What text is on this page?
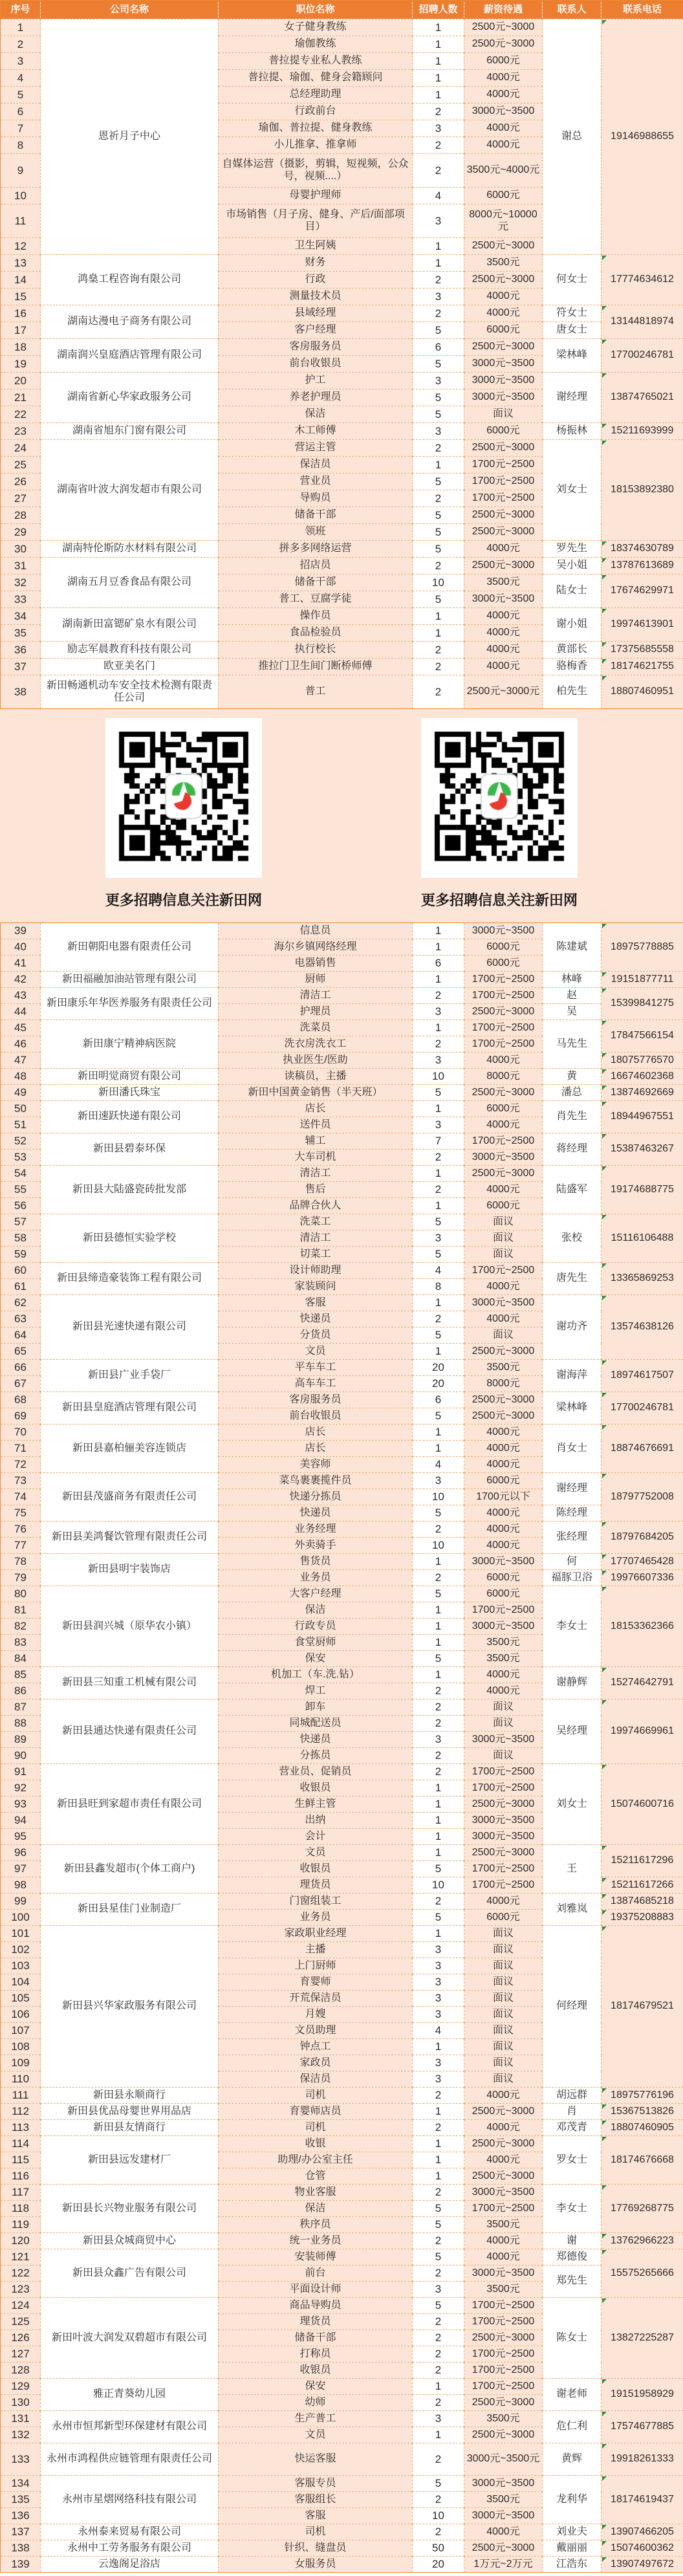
序号	公司名称	职位名称	招聘人数	薪资待遇	联系人	联系电话
1	恩祈月子中心	女子健身教练	1	2500元~3000	谢总	19146988655
2		瑜伽教练	1	2500元~3000		
3		普拉提专业私人教练	1	6000元		
4		普拉提、瑜伽、健身会籍顾问	1	4000元		
5		总经理助理	1	4000元		
6		行政前台	2	3000元~3500		
7		瑜伽、普拉提、健身教练	3	4000元		
8		小儿推拿、推拿师	2	4000元		
9		自媒体运营（摄影，剪辑，短视频，公众号，视频....）	2	3500元~4000元		
10		母婴护理师	4	6000元		
11		市场销售（月子房、健身、产后/面部项目）	3	8000元~10000元		
12		卫生阿姨	1	2500元~3000		
13	鸿燊工程咨询有限公司	财务	1	3500元	何女士	17774634612
14		行政	2	2500元~3000		
15		测量技术员	3	4000元		
16	湖南达漫电子商务有限公司	县域经理	2	4000元	符女士	13144818974
17		客户经理	5	6000元	唐女士	
18	湖南润兴皇庭酒店管理有限公司	客房服务员	6	2500元~3000	梁林峰	17700246781
19		前台收银员	5	3000元~3500		
20	湖南省新心华家政服务公司	护工	3	3000元~3500	谢经理	13874765021
21		养老护理员	5	3000元~3500		
22		保洁	5	面议		
23	湖南省旭东门窗有限公司	木工师傅	3	6000元	杨振林	15211693999
24	湖南省叶波大润发超市有限公司	营运主管	2	2500元~3000	刘女士	18153892380
25		保洁员	1	1700元~2500		
26		营业员	5	1700元~2500		
27		导购员	2	1700元~2500		
28		储备干部	5	2500元~3000		
29		领班	5	2500元~3000		
30	湖南特伦斯防水材料有限公司	拼多多网络运营	5	4000元	罗先生	18374630789
31	湖南五月豆香食品有限公司	招店员	2	2500元~3000	吴小姐	13787613689
32		储备干部	10	3500元	陆女士	17674629971
33		普工、豆腐学徒	5	3000元~3500		
34	湖南新田富锶矿泉水有限公司	操作员	1	4000元	谢小姐	19974613901
35		食品检验员	1	4000元		
36	励志军晨教育科技有限公司	执行校长	2	4000元	黄部长	17375685558
37	欧亚美名门	推拉门卫生间门断桥师傅	2	4000元	骆梅香	18174621755
38	新田畅通机动车安全技术检测有限责任公司	普工	2	2500元~3000元	柏先生	18807460951
更多招聘信息关注新田网	更多招聘信息关注新田网
39	新田朝阳电器有限责任公司	信息员	1	3000元~3500	陈建斌	18975778885
40		海尔乡镇网络经理	1	6000元		
41		电器销售	6	6000元		
42	新田福融加油站管理有限公司	厨师	1	1700元~2500	林峰	19151877711
43	新田康乐年华医养服务有限责任公司	清洁工	2	1700元~2500	赵	15399841275
44		护理员	3	2500元~3000	吴	
45	新田康宁精神病医院	洗菜员	1	1700元~2500	马先生	17847566154
46		洗衣房洗衣工	2	1700元~2500		
47		执业医生/医助	3	4000元		18075776570
48	新田明觉商贸有限公司	读稿员，主播	10	8000元	黄	16674602368
49	新田潘氏珠宝	新田中国黄金销售（半天班）	5	2500元~3000	潘总	13874692669
50	新田速跃快递有限公司	店长	1	6000元	肖先生	18944967551
51		送件员	3	4000元		
52	新田县碧泰环保	辅工	7	1700元~2500	蒋经理	15387463267
53		大车司机	2	3000元~3500		
54	新田县大陆盛瓷砖批发部	清洁工	1	2500元~3000	陆盛军	19174688775
55		售后	2	4000元		
56		品牌合伙人	1	6000元		
57	新田县德恒实验学校	洗菜工	5	面议	张校	15116106488
58		清洁工	3	面议		
59		切菜工	5	面议		
60	新田县缔造豪装饰工程有限公司	设计师助理	4	1700元~2500	唐先生	13365869253
61		家装顾问	8	4000元		
62	新田县光速快递有限公司	客服	1	3000元~3500	谢功齐	13574638126
63		快递员	2	4000元		
64		分货员	5	面议		
65		文员	1	2500元~3000		
66	新田县广业手袋厂	平车车工	20	3500元	谢海萍	18974617507
67		高车车工	20	8000元		
68	新田县皇庭酒店管理有限公司	客房服务员	6	2500元~3000	梁林峰	17700246781
69		前台收银员	5	2500元~3000		
70	新田县嘉柏俪美容连锁店	店长	1	4000元	肖女士	18874676691
71		店长	1	4000元		
72		美容师	4	4000元		
73	新田县茂盛商务有限责任公司	菜鸟裹裹揽件员	3	6000元	谢经理	18797752008
74		快递分拣员	10	1700元以下		
75		快递员	5	4000元	陈经理	
76	新田县美鸿餐饮管理有限责任公司	业务经理	2	4000元	张经理	18797684205
77		外卖骑手	10	4000元		
78	新田县明宇装饰店	售货员	1	3000元~3500	何	17707465428
79		业务员	2	6000元	福豚卫浴	19976607336
80	新田县润兴城（原华农小镇）	大客户经理	5	6000元	李女士	18153362366
81		保洁	1	1700元~2500		
82		行政专员	1	3000元~3500		
83		食堂厨师	1	3500元		
84		保安	5	3500元		
85	新田县三知重工机械有限公司	机加工（车.洗.钻）	1	4000元	谢静辉	15274642791
86		焊工	2	4000元		
87	新田县通达快递有限责任公司	卸车	2	面议	吴经理	19974669961
88		同城配送员	2	面议		
89		快递员	3	3000元~3500		
90		分拣员	2	面议		
91	新田县旺到家超市责任有限公司	营业员、促销员	2	1700元~2500	刘女士	15074600716
92		收银员	1	1700元~2500		
93		生鲜主管	1	2500元~3000		
94		出纳	1	3000元~3500		
95		会计	1	3000元~3500		
96	新田县鑫发超市(个体工商户)	文员	1	2500元~3000	王	15211617296
97		收银员	5	1700元~2500		
98		理货员	10	1700元~2500		15211617266
99	新田县星佳门业制造厂	门窗组装工	2	4000元	刘雅岚	13874685218
100		业务员	5	6000元		19375208883
101	新田县兴华家政服务有限公司	家政职业经理	1	面议	何经理	18174679521
102		主播	3	面议		
103		上门厨师	3	面议		
104		育婴师	3	面议		
105		开荒保洁员	3	面议		
106		月嫂	3	面议		
107		文员助理	4	面议		
108		钟点工	1	面议		
109		家政员	3	面议		
110		保洁员	3	面议		
111	新田县永顺商行	司机	2	4000元	胡远群	18975776196
112	新田县优品母婴世界用品店	育婴师店员	1	2500元~3000	肖	15367513826
113	新田县友情商行	司机	2	4000元	邓茂青	18807460905
114	新田县远发建材厂	收银	1	2500元~3000	罗女士	18174676668
115		助理/办公室主任	1	4000元		
116		仓管	1	2500元~3000		
117	新田县长兴物业服务有限公司	物业客服	2	3000元~3500	李女士	17769268775
118		保洁	5	1700元~2500		
119		秩序员	5	3500元		
120	新田县众城商贸中心	统一业务员	2	4000元	谢	13762966223
121	新田县众鑫广告有限公司	安装师傅	5	4000元	郑德俊	15575265666
122		前台	2	3000元~3500	郑先生	
123		平面设计师	3	3500元		
124	新田叶波大润发双碧超市有限公司	商品导购员	5	1700元~2500	陈女士	13827225287
125		理货员	2	1700元~2500		
126		储备干部	2	2500元~3000		
127		打称员	2	1700元~2500		
128		收银员	2	1700元~2500		
129	雅正青葵幼儿园	保安	1	1700元~2500	谢老师	19151958929
130		幼师	2	2500元~3000		
131	永州市恒邦新型环保建材有限公司	生产普工	3	3500元	危仁利	17574677885
132		文员	1	2500元~3000		
133	永州市鸿程供应链管理有限责任公司	快运客服	2	3000元~3500元	黄辉	19918261333
134	永州市星熠网络科技有限公司	客服专员	5	3000元~3500	龙利华	18174619437
135		客服组长	2	3500元		
136		客服	10	3000元~3500		
137	永州泰来贸易有限公司	司机	2	4000元	刘业夫	13907466205
138	永州中工劳务服务有限公司	针织、缝盘员	50	2500元~3000	戴丽丽	15074600362
139	云逸阁足浴店	女服务员	20	1万元~2万元	江浩东	13907497672
